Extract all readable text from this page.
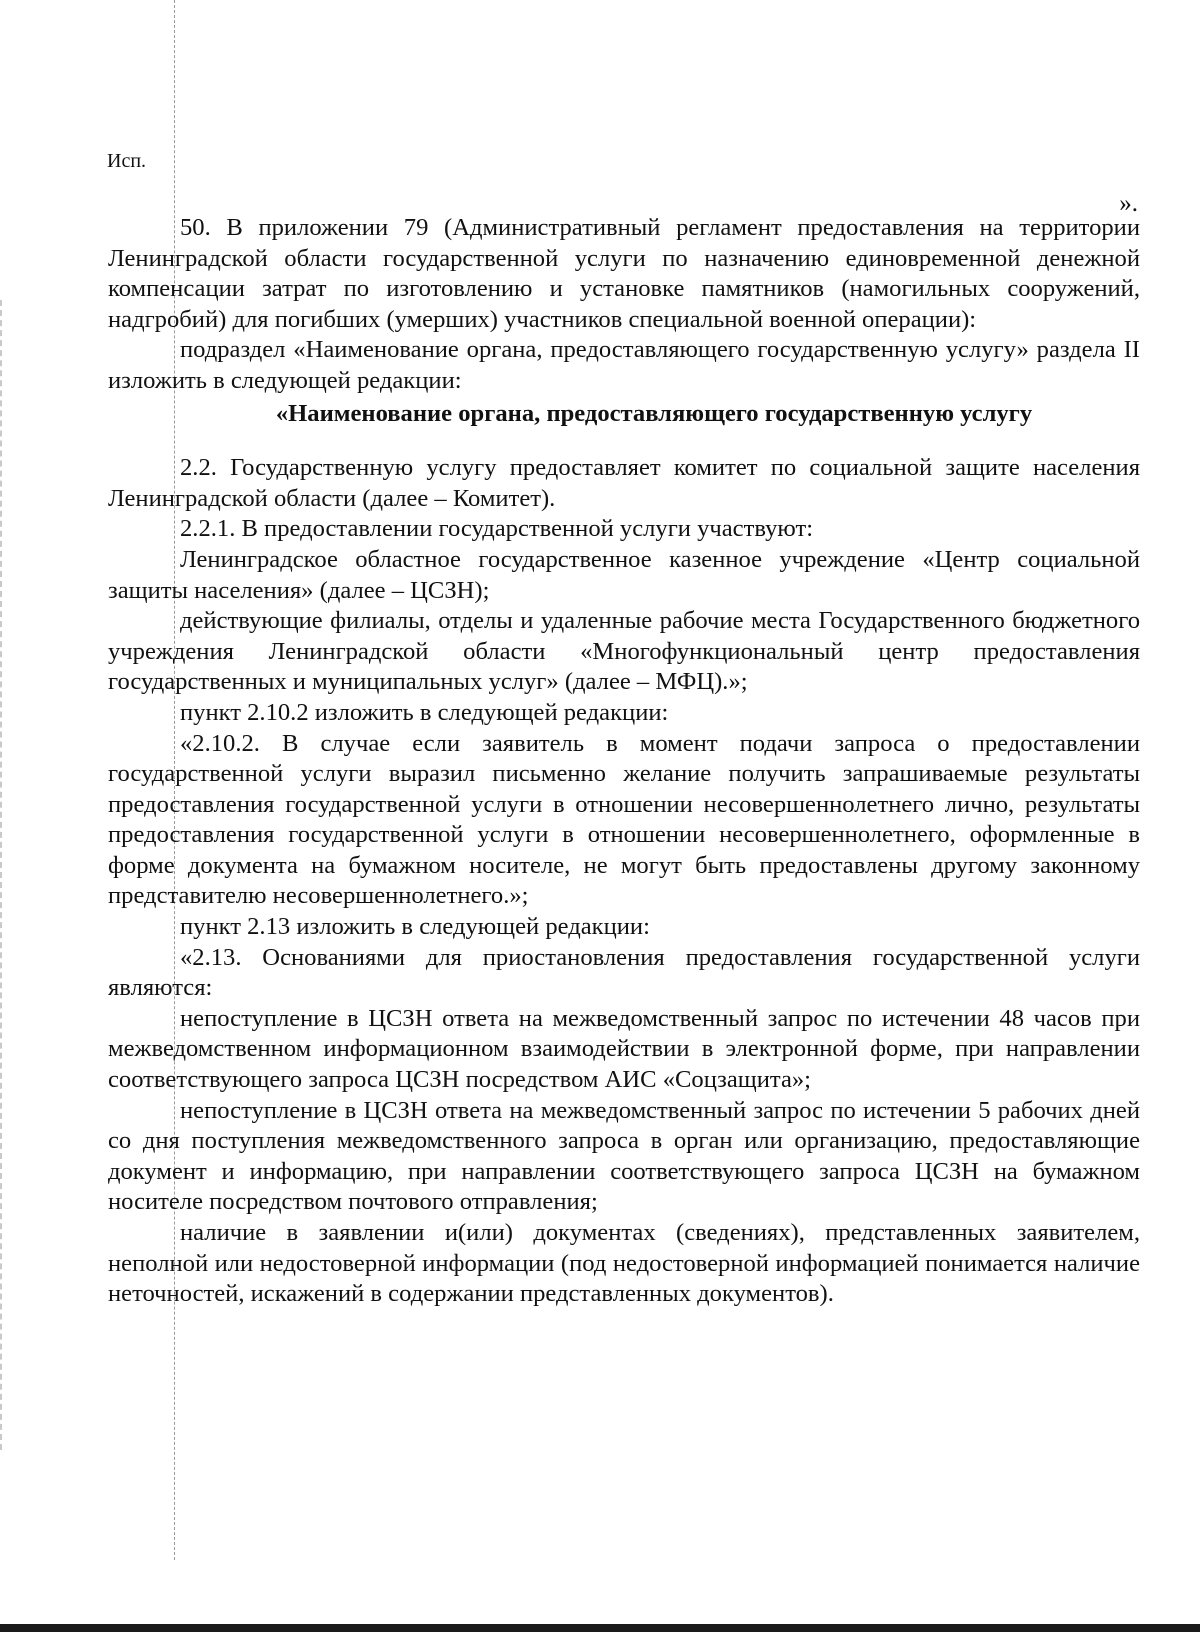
Исп.
».

50. В приложении 79 (Административный регламент предоставления на территории Ленинградской области государственной услуги по назначению единовременной денежной компенсации затрат по изготовлению и установке памятников (намогильных сооружений, надгробий) для погибших (умерших) участников специальной военной операции):

подраздел «Наименование органа, предоставляющего государственную услугу» раздела II изложить в следующей редакции:

«Наименование органа, предоставляющего государственную услугу

2.2. Государственную услугу предоставляет комитет по социальной защите населения Ленинградской области (далее – Комитет).

2.2.1. В предоставлении государственной услуги участвуют:

Ленинградское областное государственное казенное учреждение «Центр социальной защиты населения» (далее – ЦСЗН);

действующие филиалы, отделы и удаленные рабочие места Государственного бюджетного учреждения Ленинградской области «Многофункциональный центр предоставления государственных и муниципальных услуг» (далее – МФЦ).»;

пункт 2.10.2 изложить в следующей редакции:

«2.10.2. В случае если заявитель в момент подачи запроса о предоставлении государственной услуги выразил письменно желание получить запрашиваемые результаты предоставления государственной услуги в отношении несовершеннолетнего лично, результаты предоставления государственной услуги в отношении несовершеннолетнего, оформленные в форме документа на бумажном носителе, не могут быть предоставлены другому законному представителю несовершеннолетнего.»;

пункт 2.13 изложить в следующей редакции:

«2.13. Основаниями для приостановления предоставления государственной услуги являются:

непоступление в ЦСЗН ответа на межведомственный запрос по истечении 48 часов при межведомственном информационном взаимодействии в электронной форме, при направлении соответствующего запроса ЦСЗН посредством АИС «Соцзащита»;

непоступление в ЦСЗН ответа на межведомственный запрос по истечении 5 рабочих дней со дня поступления межведомственного запроса в орган или организацию, предоставляющие документ и информацию, при направлении соответствующего запроса ЦСЗН на бумажном носителе посредством почтового отправления;

наличие в заявлении и(или) документах (сведениях), представленных заявителем, неполной или недостоверной информации (под недостоверной информацией понимается наличие неточностей, искажений в содержании представленных документов).
